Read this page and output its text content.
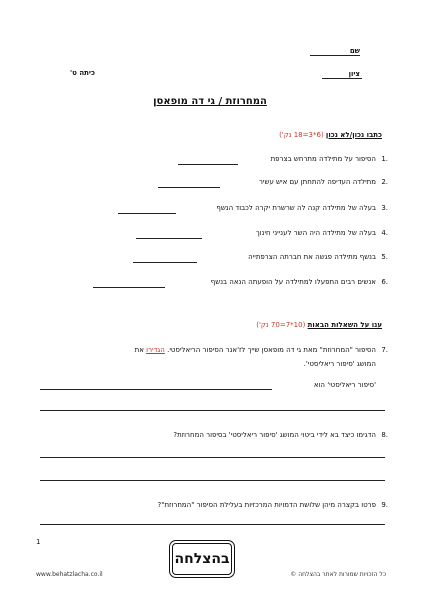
שם
ציון
כיתה ט'
המחרוזת / גי דה מופאסן
כתבו נכון/לא נכון (6*3=18 נק')
1.
הסיפור על מתילדה מתרחש בצרפת
2.
מתילדה העדיפה להתחתן עם איש עשיר
3.
בעלה של מתילדה קנה לה שרשרת יקרה לכבוד הנשף
4.
בעלה של מתילדה היה השר לענייני חינוך
5.
בנשף מתילדה פגשה את חברתה הצרפתייה
6.
אנשים רבים התפעלו למתילדה על הופעתה הנאה בנשף
ענו על השאלות הבאות (10*7=70 נק')
7.
הסיפור "המחרוזת" מאת גי דה מופאסן שייך לז'אנר הסיפור הריאליסטי. הגדירו את
המושג 'סיפור ריאליסטי'.
'סיפור ריאליסטי' הוא
8.
הדגימו כיצד בא לידי ביטוי המושג 'סיפור ריאליסטי' בסיפור המחרוזת?
9.
פרטו בקצרה מיהן שלושת הדמויות המרכזיות בעלילת הסיפור "המחרוזת"?
1
בהצלחה
www.behatzlacha.co.il	כל הזכויות שמורות לאתר בהצלחה ©
